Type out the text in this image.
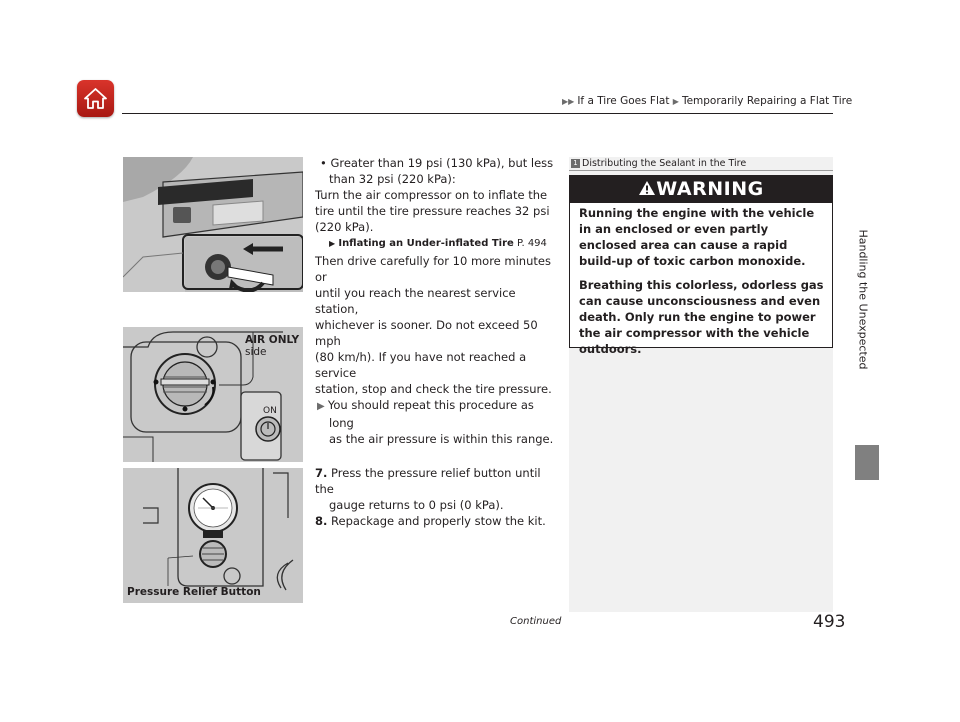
▶▶ If a Tire Goes Flat ▶ Temporarily Repairing a Flat Tire
Handling the Unexpected
AIR ONLY
side
ON
Pressure Relief Button

• Greater than 19 psi (130 kPa), but less

than 32 psi (220 kPa):

Turn the air compressor on to inflate the

tire until the tire pressure reaches 32 psi

(220 kPa).

▶ Inflating an Under-inflated Tire P. 494

Then drive carefully for 10 more minutes or

until you reach the nearest service station,

whichever is sooner. Do not exceed 50 mph

(80 km/h). If you have not reached a service

station, stop and check the tire pressure.

▶ You should repeat this procedure as long

as the air pressure is within this range.

7. Press the pressure relief button until the

gauge returns to 0 psi (0 kPa).

8. Repackage and properly stow the kit.

1 Distributing the Sealant in the Tire
WARNING

Running the engine with the vehicle in an enclosed or even partly enclosed area can cause a rapid build-up of toxic carbon monoxide.

Breathing this colorless, odorless gas can cause unconsciousness and even death. Only run the engine to power the air compressor with the vehicle outdoors.

Continued	493
